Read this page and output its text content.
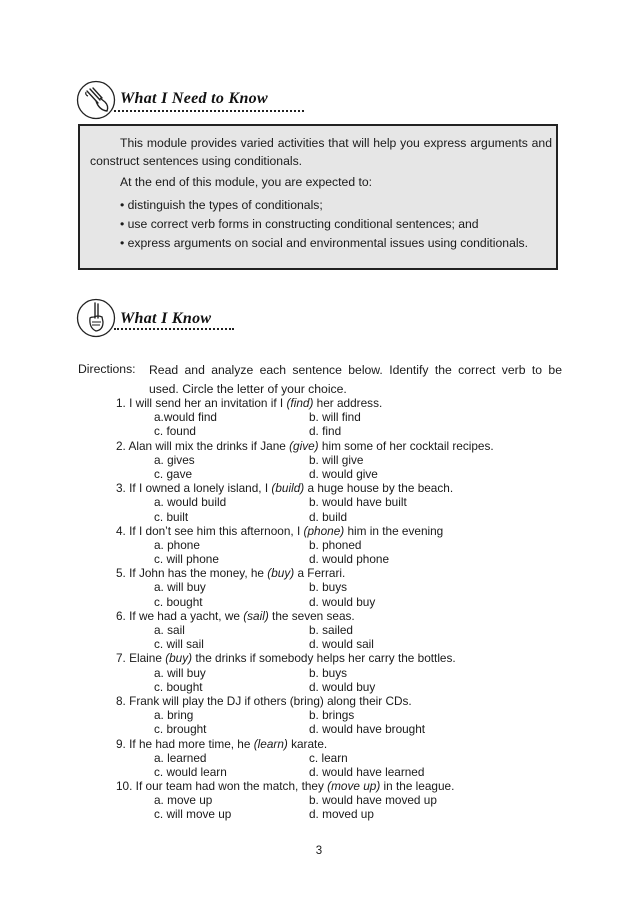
What I Need to Know

This module provides varied activities that will help you express arguments and construct sentences using conditionals.

At the end of this module, you are expected to:

• distinguish the types of conditionals;
• use correct verb forms in constructing conditional sentences; and
• express arguments on social and environmental issues using conditionals.
What I Know
Directions: Read and analyze each sentence below. Identify the correct verb to be used. Circle the letter of your choice.

1. I will send her an invitation if I (find) her address.
a.would find	b. will find
c. found	d. find
2. Alan will mix the drinks if Jane (give) him some of her cocktail recipes.
a. gives	b. will give
c. gave	d. would give
3. If I owned a lonely island, I (build) a huge house by the beach.
a. would build	b. would have built
c. built	d. build
4. If I don’t see him this afternoon, I (phone) him in the evening
a. phone	b. phoned
c. will phone	d. would phone
5. If John has the money, he (buy) a Ferrari.
a. will buy	b. buys
c. bought	d. would buy
6. If we had a yacht, we (sail) the seven seas.
a. sail	b. sailed
c. will sail	d. would sail
7. Elaine (buy) the drinks if somebody helps her carry the bottles.
a. will buy	b. buys
c. bought	d. would buy
8. Frank will play the DJ if others (bring) along their CDs.
a. bring	b. brings
c. brought	d. would have brought
9. If he had more time, he (learn) karate.
a. learned	c. learn
c. would learn	d. would have learned
10. If our team had won the match, they (move up) in the league.
a. move up	b. would have moved up
c. will move up	d. moved up
3
